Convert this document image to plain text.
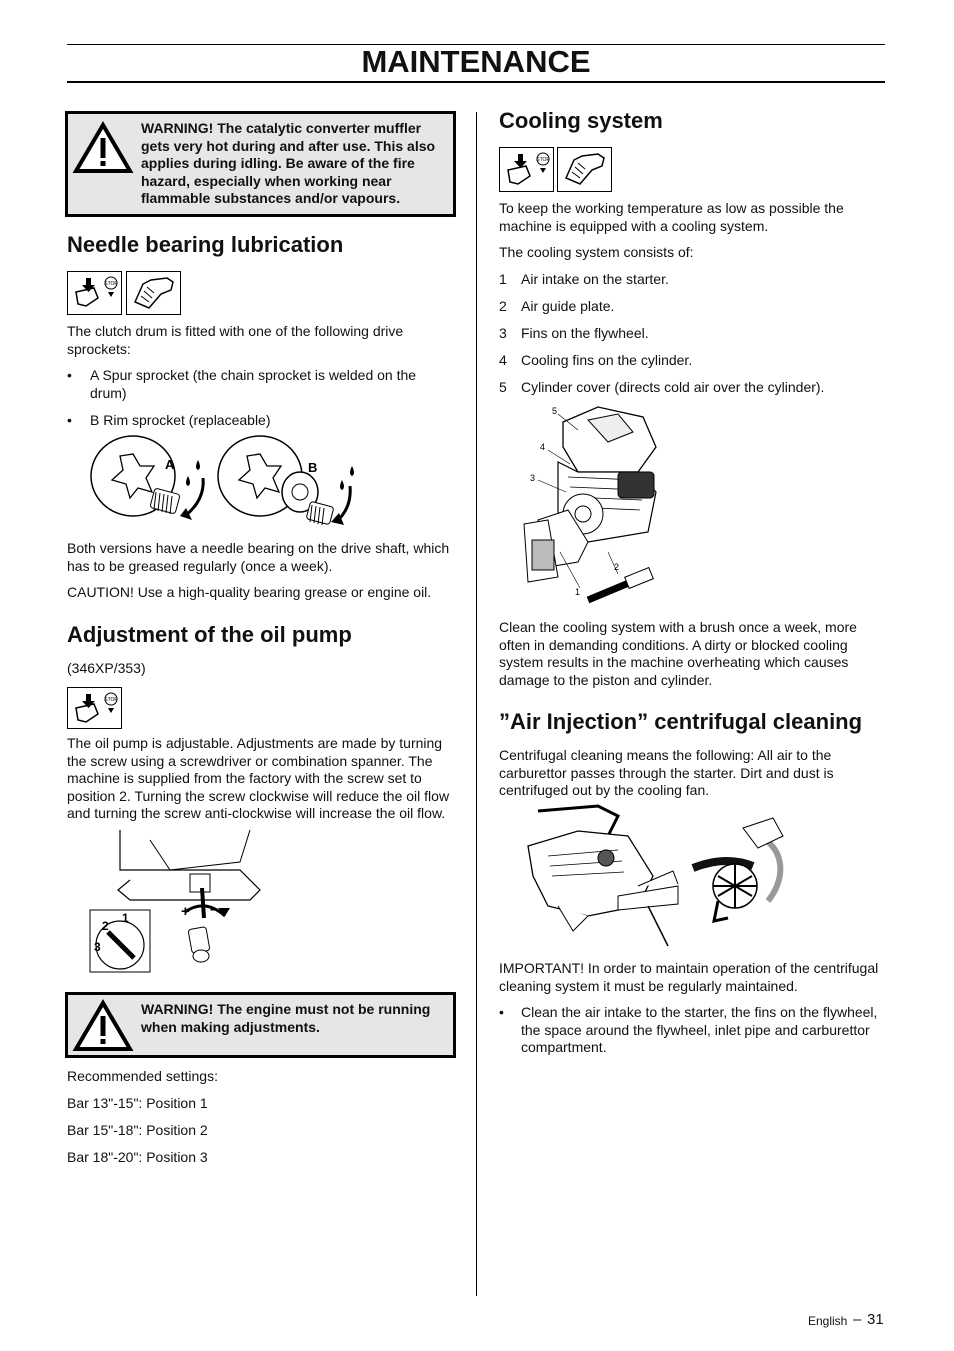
MAINTENANCE
WARNING! The catalytic converter muffler gets very hot during and after use. This also applies during idling. Be aware of the fire hazard, especially when working near flammable substances and/or vapours.
Needle bearing lubrication
STOP

The clutch drum is fitted with one of the following drive sprockets:

• A Spur sprocket (the chain sprocket is welded on the drum)

• B Rim sprocket (replaceable)

A	B

Both versions have a needle bearing on the drive shaft, which has to be greased regularly (once a week).

CAUTION! Use a high-quality bearing grease or engine oil.

Adjustment of the oil pump

(346XP/353)

STOP

The oil pump is adjustable. Adjustments are made by turning the screw using a screwdriver or combination spanner. The machine is supplied from the factory with the screw set to position 2. Turning the screw clockwise will reduce the oil flow and turning the screw anti-clockwise will increase the oil flow.

+ –
1
2
3
WARNING! The engine must not be running when making adjustments.

Recommended settings:

Bar 13"-15": Position 1

Bar 15"-18": Position 2

Bar 18"-20": Position 3

Cooling system
STOP

To keep the working temperature as low as possible the machine is equipped with a cooling system.

The cooling system consists of:

1 Air intake on the starter.

2 Air guide plate.

3 Fins on the flywheel.

4 Cooling fins on the cylinder.

5 Cylinder cover (directs cold air over the cylinder).

5
4
3
2
1

Clean the cooling system with a brush once a week, more often in demanding conditions. A dirty or blocked cooling system results in the machine overheating which causes damage to the piston and cylinder.

”Air Injection” centrifugal cleaning

Centrifugal cleaning means the following: All air to the carburettor passes through the starter. Dirt and dust is centrifuged out by the cooling fan.

IMPORTANT! In order to maintain operation of the centrifugal cleaning system it must be regularly maintained.

• Clean the air intake to the starter, the fins on the flywheel, the space around the flywheel, inlet pipe and carburettor compartment.

English – 31
